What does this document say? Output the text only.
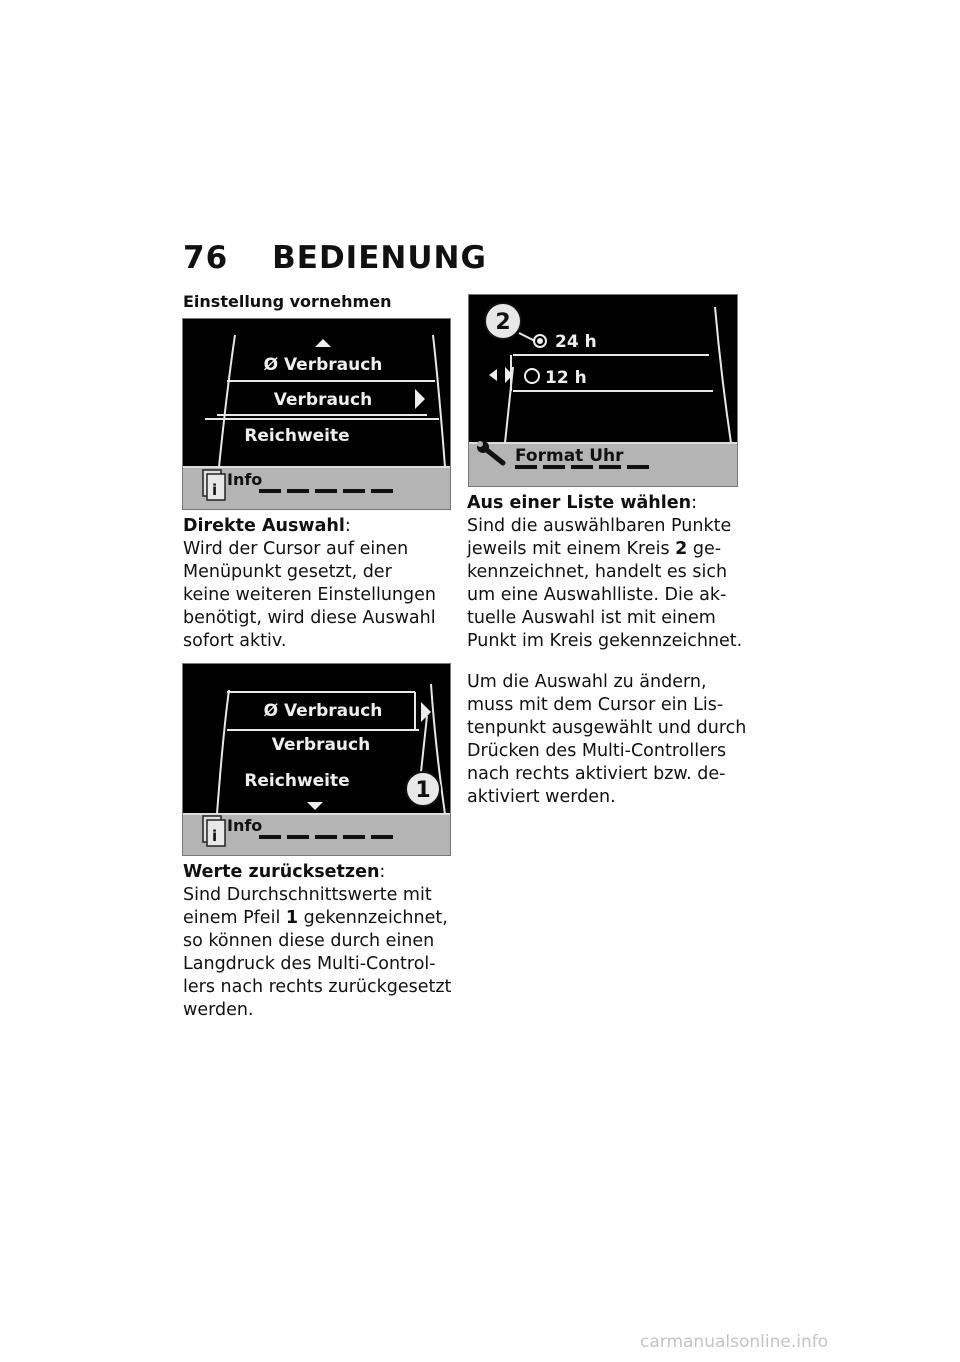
76 BEDIENUNG
Einstellung vornehmen
i
Ø Verbrauch
Verbrauch
Reichweite
Info

Direkte Auswahl:

Wird der Cursor auf einen

Menüpunkt gesetzt, der

keine weiteren Einstellungen

benötigt, wird diese Auswahl

sofort aktiv.

1
i
Ø Verbrauch
Verbrauch
Reichweite
Info

Werte zurücksetzen:

Sind Durchschnittswerte mit

einem Pfeil 1 gekennzeichnet,

so können diese durch einen

Langdruck des Multi-Control-

lers nach rechts zurückgesetzt

werden.

2
24 h
12 h
Format Uhr

Aus einer Liste wählen:

Sind die auswählbaren Punkte

jeweils mit einem Kreis 2 ge-

kennzeichnet, handelt es sich

um eine Auswahlliste. Die ak-

tuelle Auswahl ist mit einem

Punkt im Kreis gekennzeichnet.

Um die Auswahl zu ändern,

muss mit dem Cursor ein Lis-

tenpunkt ausgewählt und durch

Drücken des Multi-Controllers

nach rechts aktiviert bzw. de-

aktiviert werden.

carmanualsonline.info
